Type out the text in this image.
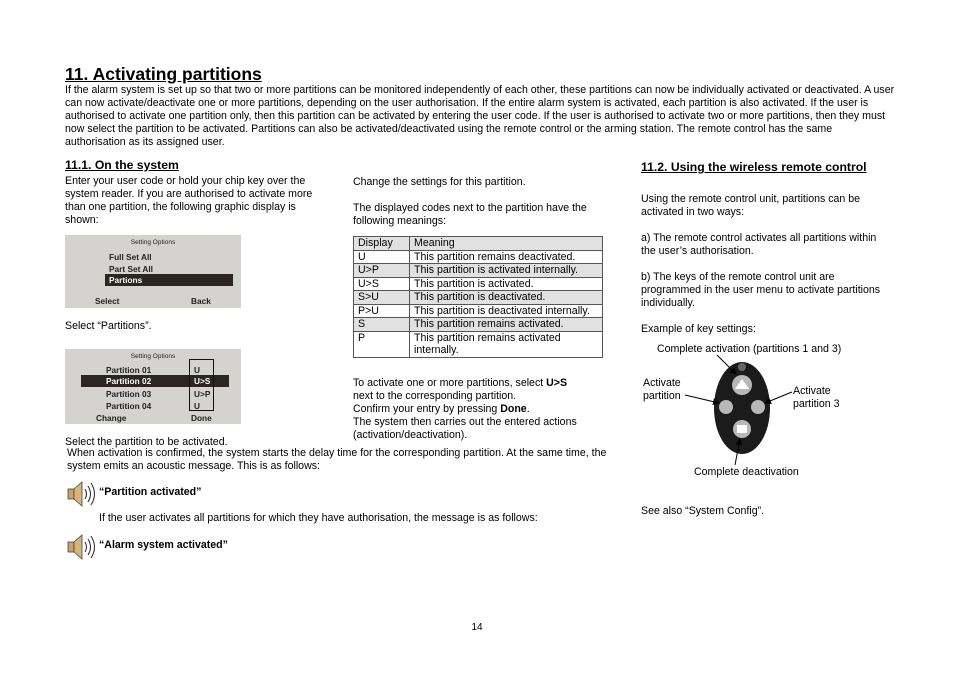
11. Activating partitions
If the alarm system is set up so that two or more partitions can be monitored independently of each other, these partitions can now be individually activated or deactivated. A user can now activate/deactivate one or more partitions, depending on the user authorisation. If the entire alarm system is activated, each partition is also activated. If the user is authorised to activate one partition only, then this partition can be activated by entering the user code. If the user is authorised to activate two or more partitions, then they must now select the partition to be activated. Partitions can also be activated/deactivated using the remote control or the arming station. The remote control has the same authorisation as its assigned user.
11.1. On the system
Enter your user code or hold your chip key over the system reader. If you are authorised to activate more than one partition, the following graphic display is shown:
Setting Options
Full Set All
Part Set All
Partions
Select	Back
Select “Partitions”.
Setting Options
Partition 01	U
Partition 02	U>S
Partition 03	U>P
Partition 04	U
Change	Done
Select the partition to be activated.
Change the settings for this partition.
The displayed codes next to the partition have the following meanings:
Display	Meaning
U	This partition remains deactivated.
U>P	This partition is activated internally.
U>S	This partition is activated.
S>U	This partition is deactivated.
P>U	This partition is deactivated internally.
S	This partition remains activated.
P	This partition remains activated internally.
To activate one or more partitions, select U>S
next to the corresponding partition.
Confirm your entry by pressing Done.
The system then carries out the entered actions (activation/deactivation).
When activation is confirmed, the system starts the delay time for the corresponding partition. At the same time, the system emits an acoustic message. This is as follows:
“Partition activated”
If the user activates all partitions for which they have authorisation, the message is as follows:
“Alarm system activated”
11.2. Using the wireless remote control
Using the remote control unit, partitions can be activated in two ways:
a) The remote control activates all partitions within the user’s authorisation.
b) The keys of the remote control unit are programmed in the user menu to activate partitions individually.
Example of key settings:
Complete activation (partitions 1 and 3)
Activate partition	Activate partition 3
Complete deactivation
See also “System Config”.
14
